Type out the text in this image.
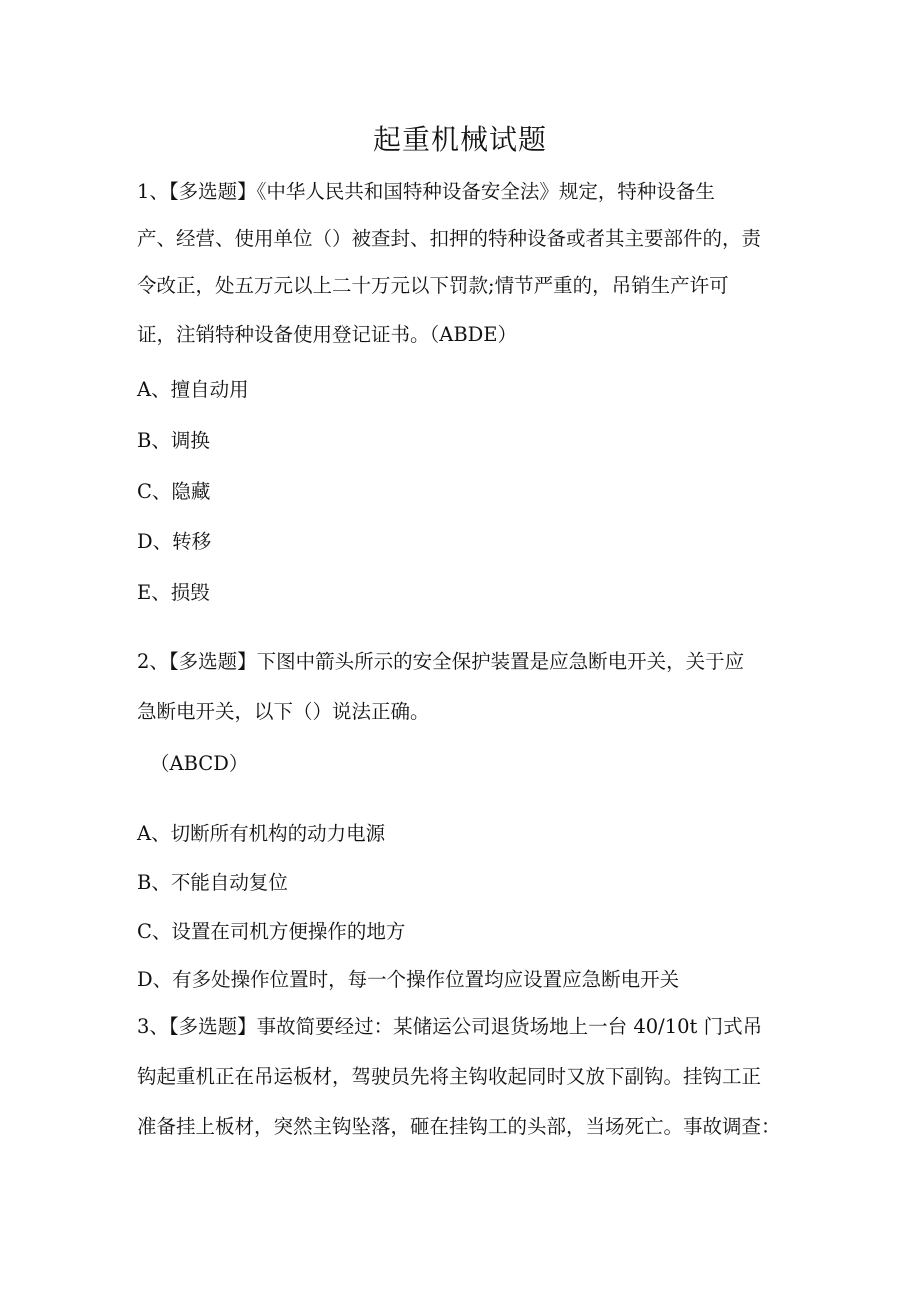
起重机械试题
1、【多选题】《中华人民共和国特种设备安全法》规定，特种设备生
产、经营、使用单位（）被查封、扣押的特种设备或者其主要部件的，责
令改正，处五万元以上二十万元以下罚款;情节严重的，吊销生产许可
证，注销特种设备使用登记证书。（ABDE）
A、擅自动用
B、调换
C、隐藏
D、转移
E、损毁
2、【多选题】下图中箭头所示的安全保护装置是应急断电开关，关于应
急断电开关，以下（）说法正确。
（ABCD）
A、切断所有机构的动力电源
B、不能自动复位
C、设置在司机方便操作的地方
D、有多处操作位置时，每一个操作位置均应设置应急断电开关
3、【多选题】事故简要经过：某储运公司退货场地上一台 40/10t 门式吊
钩起重机正在吊运板材，驾驶员先将主钩收起同时又放下副钩。挂钩工正
准备挂上板材，突然主钩坠落，砸在挂钩工的头部，当场死亡。事故调查：
